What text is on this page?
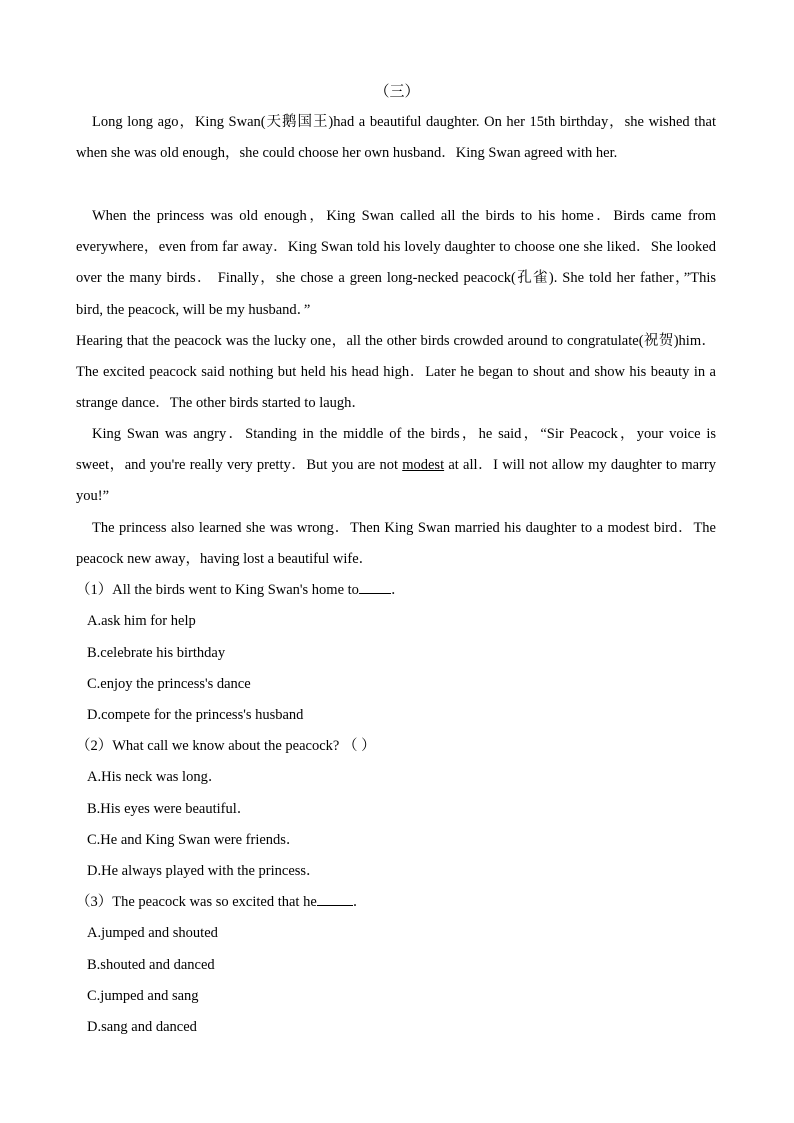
（三）
Long long ago，King Swan(天鹅国王)had a beautiful daughter. On her 15th birthday，she wished that when she was old enough，she could choose her own husband．King Swan agreed with her.
When the princess was old enough，King Swan called all the birds to his home．Birds came from everywhere，even from far away．King Swan told his lovely daughter to choose one she liked．She looked over the many birds． Finally，she chose a green long-necked peacock(孔雀). She told her father，”This bird, the peacock, will be my husband．”
Hearing that the peacock was the lucky one，all the other birds crowded around to congratulate(祝贺)him．The excited peacock said nothing but held his head high．Later he began to shout and show his beauty in a strange dance．The other birds started to laugh．
King Swan was angry．Standing in the middle of the birds，he said，“Sir Peacock，your voice is sweet，and you're really very pretty．But you are not modest at all．I will not allow my daughter to marry you!”
The princess also learned she was wrong．Then King Swan married his daughter to a modest bird．The peacock new away，having lost a beautiful wife．
（1）All the birds went to King Swan's home to ．
A.ask him for help
B.celebrate his birthday
C.enjoy the princess's dance
D.compete for the princess's husband
（2）What call we know about the peacock? （ ）
A.His neck was long．
B.His eyes were beautiful．
C.He and King Swan were friends．
D.He always played with the princess．
（3）The peacock was so excited that he ．
A.jumped and shouted
B.shouted and danced
C.jumped and sang
D.sang and danced
